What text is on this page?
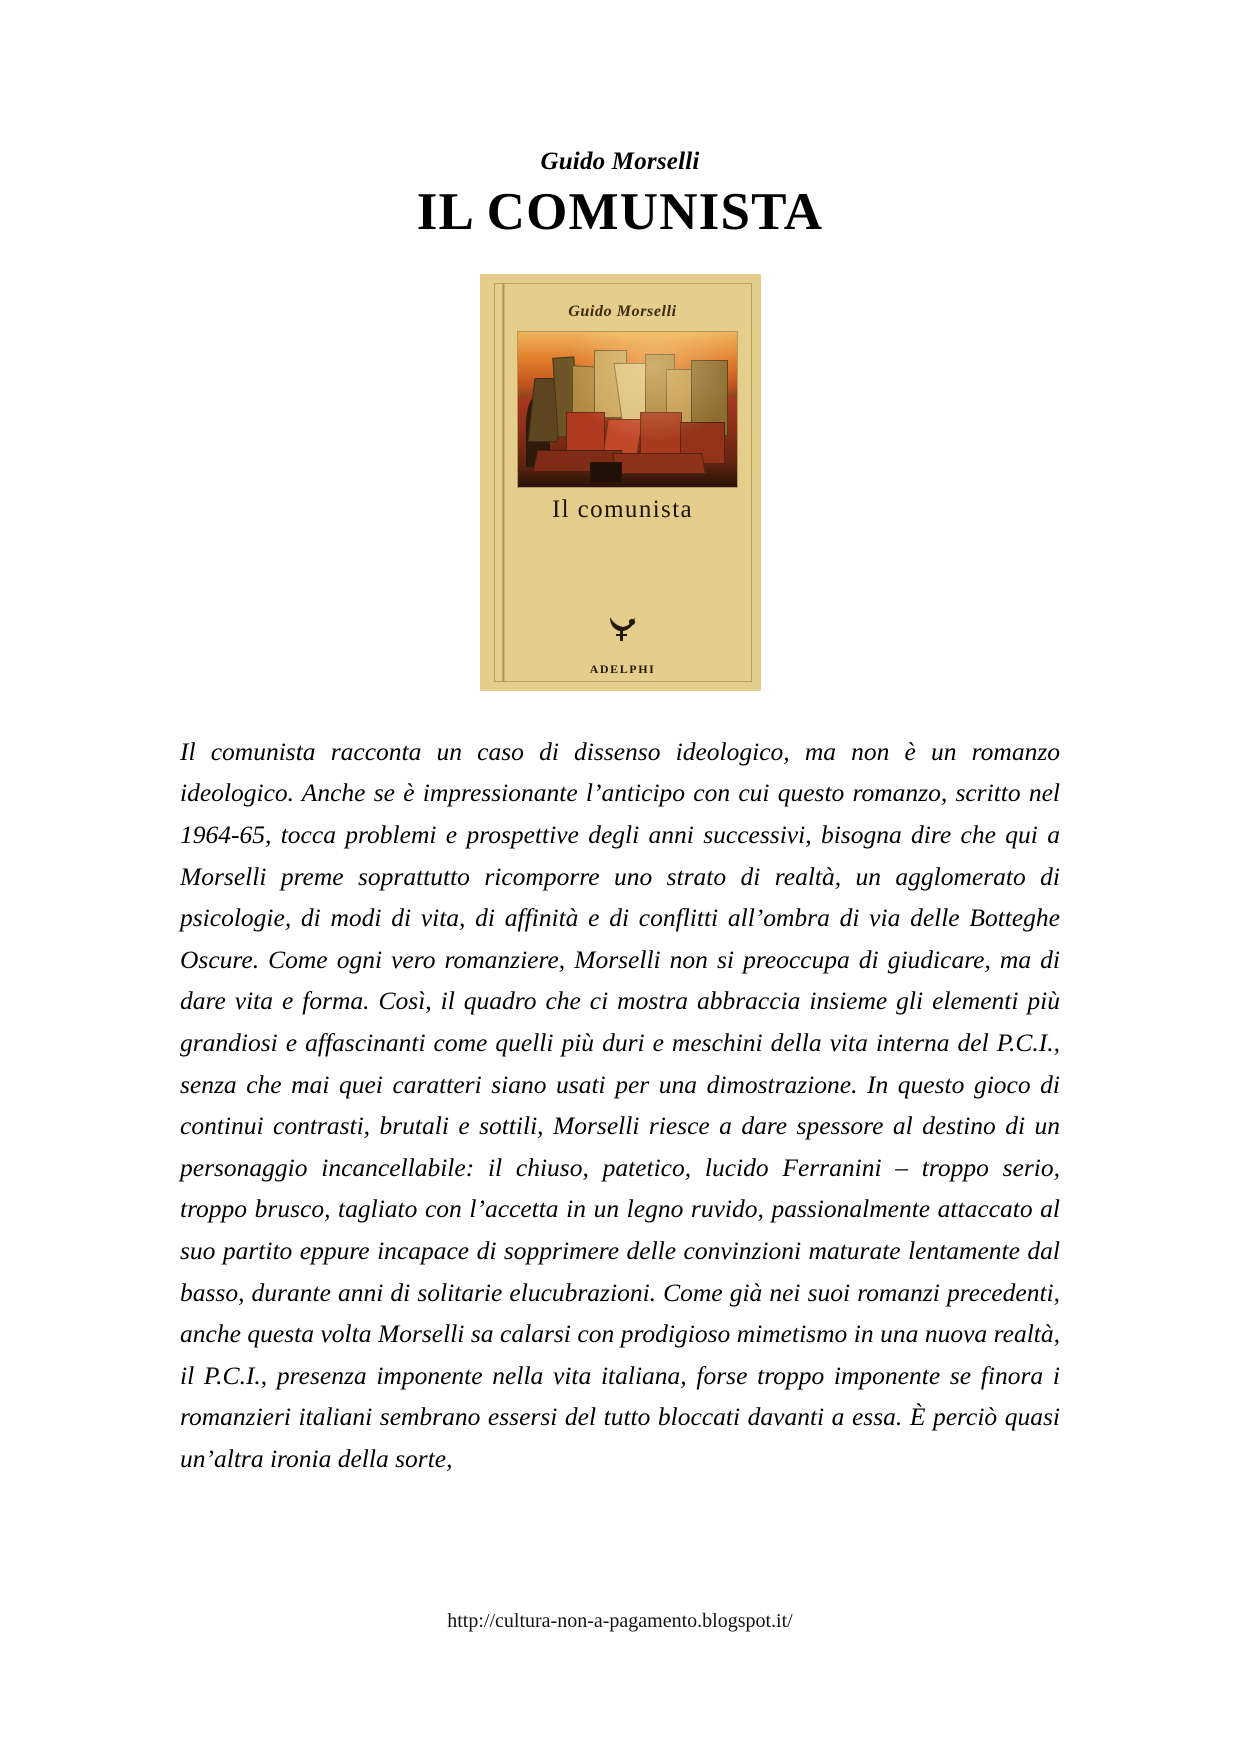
Guido Morselli
IL COMUNISTA
Guido Morselli
Il comunista
ADELPHI

Il comunista racconta un caso di dissenso ideologico, ma non è un romanzo ideologico. Anche se è impressionante l’anticipo con cui questo romanzo, scritto nel 1964-65, tocca problemi e prospettive degli anni successivi, bisogna dire che qui a Morselli preme soprattutto ricomporre uno strato di realtà, un agglomerato di psicologie, di modi di vita, di affinità e di conflitti all’ombra di via delle Botteghe Oscure. Come ogni vero romanziere, Morselli non si preoccupa di giudicare, ma di dare vita e forma. Così, il quadro che ci mostra abbraccia insieme gli elementi più grandiosi e affascinanti come quelli più duri e meschini della vita interna del P.C.I., senza che mai quei caratteri siano usati per una dimostrazione. In questo gioco di continui contrasti, brutali e sottili, Morselli riesce a dare spessore al destino di un personaggio incancellabile: il chiuso, patetico, lucido Ferranini – troppo serio, troppo brusco, tagliato con l’accetta in un legno ruvido, passionalmente attaccato al suo partito eppure incapace di sopprimere delle convinzioni maturate lentamente dal basso, durante anni di solitarie elucubrazioni. Come già nei suoi romanzi precedenti, anche questa volta Morselli sa calarsi con prodigioso mimetismo in una nuova realtà, il P.C.I., presenza imponente nella vita italiana, forse troppo imponente se finora i romanzieri italiani sembrano essersi del tutto bloccati davanti a essa. È perciò quasi un’altra ironia della sorte,

http://cultura-non-a-pagamento.blogspot.it/
